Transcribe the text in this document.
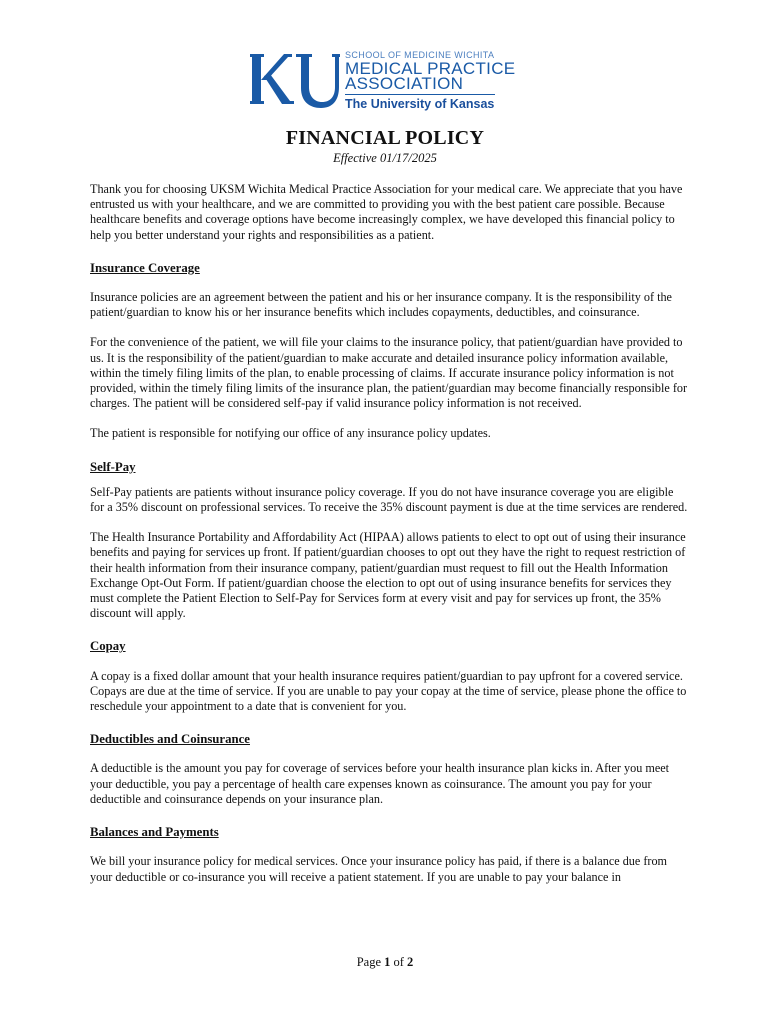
SCHOOL OF MEDICINE WICHITA
MEDICAL PRACTICE
ASSOCIATION
The University of Kansas
FINANCIAL POLICY
Effective 01/17/2025

Thank you for choosing UKSM Wichita Medical Practice Association for your medical care. We appreciate that you have entrusted us with your healthcare, and we are committed to providing you with the best patient care possible. Because healthcare benefits and coverage options have become increasingly complex, we have developed this financial policy to help you better understand your rights and responsibilities as a patient.

Insurance Coverage

Insurance policies are an agreement between the patient and his or her insurance company. It is the responsibility of the patient/guardian to know his or her insurance benefits which includes copayments, deductibles, and coinsurance.

For the convenience of the patient, we will file your claims to the insurance policy, that patient/guardian have provided to us. It is the responsibility of the patient/guardian to make accurate and detailed insurance policy information available, within the timely filing limits of the plan, to enable processing of claims. If accurate insurance policy information is not provided, within the timely filing limits of the insurance plan, the patient/guardian may become financially responsible for charges. The patient will be considered self-pay if valid insurance policy information is not received.

The patient is responsible for notifying our office of any insurance policy updates.

Self-Pay

Self-Pay patients are patients without insurance policy coverage. If you do not have insurance coverage you are eligible for a 35% discount on professional services. To receive the 35% discount payment is due at the time services are rendered.

The Health Insurance Portability and Affordability Act (HIPAA) allows patients to elect to opt out of using their insurance benefits and paying for services up front. If patient/guardian chooses to opt out they have the right to request restriction of their health information from their insurance company, patient/guardian must request to fill out the Health Information Exchange Opt-Out Form. If patient/guardian choose the election to opt out of using insurance benefits for services they must complete the Patient Election to Self-Pay for Services form at every visit and pay for services up front, the 35% discount will apply.

Copay

A copay is a fixed dollar amount that your health insurance requires patient/guardian to pay upfront for a covered service. Copays are due at the time of service. If you are unable to pay your copay at the time of service, please phone the office to reschedule your appointment to a date that is convenient for you.

Deductibles and Coinsurance

A deductible is the amount you pay for coverage of services before your health insurance plan kicks in. After you meet your deductible, you pay a percentage of health care expenses known as coinsurance. The amount you pay for your deductible and coinsurance depends on your insurance plan.

Balances and Payments

We bill your insurance policy for medical services. Once your insurance policy has paid, if there is a balance due from your deductible or co-insurance you will receive a patient statement. If you are unable to pay your balance in

Page 1 of 2
